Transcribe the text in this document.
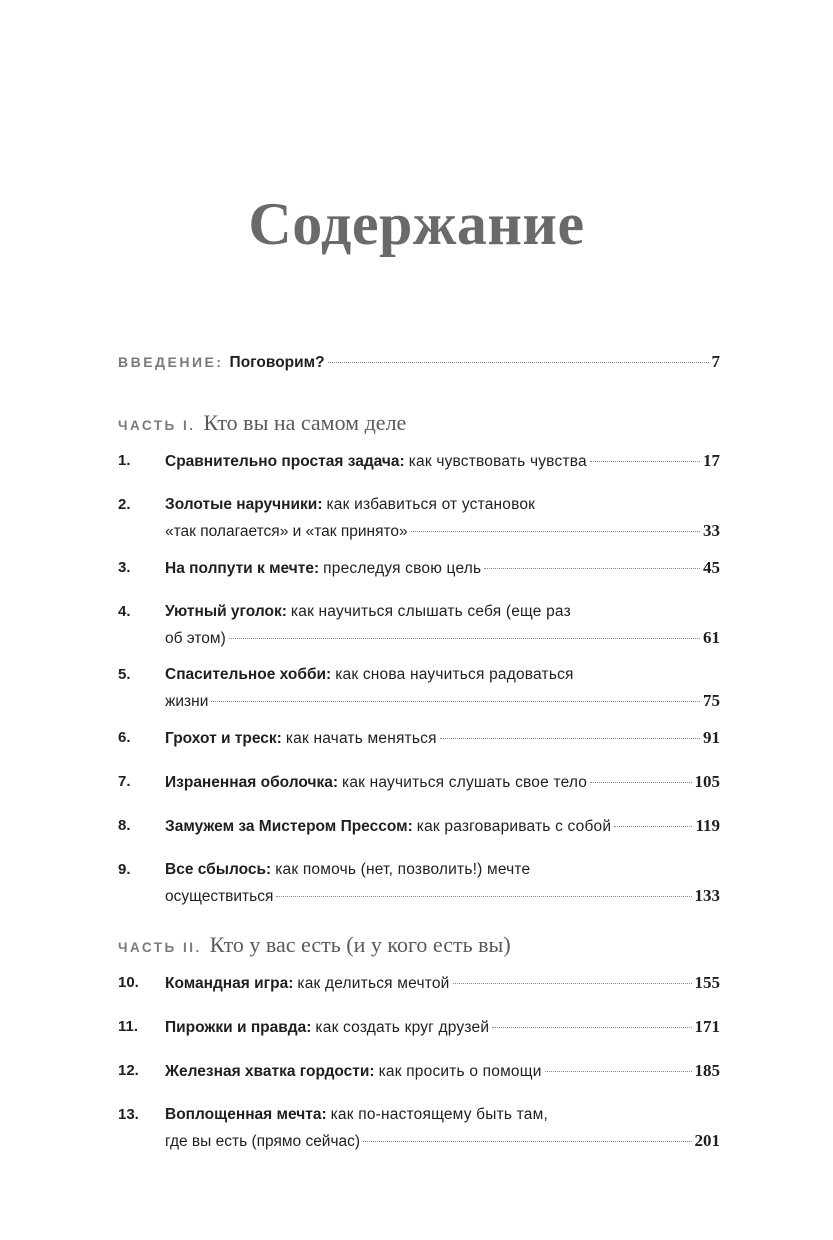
Содержание
ВВЕДЕНИЕ: Поговорим?	7
ЧАСТЬ I. Кто вы на самом деле
1.	Сравнительно простая задача: как чувствовать чувства	17
2.	Золотые наручники: как избавиться от установок
«так полагается» и «так принято»	33
3.	На полпути к мечте: преследуя свою цель	45
4.	Уютный уголок: как научиться слышать себя (еще раз
об этом)	61
5.	Спасительное хобби: как снова научиться радоваться
жизни	75
6.	Грохот и треск: как начать меняться	91
7.	Израненная оболочка: как научиться слушать свое тело	105
8.	Замужем за Мистером Прессом: как разговаривать с собой	119
9.	Все сбылось: как помочь (нет, позволить!) мечте
осуществиться	133
ЧАСТЬ II. Кто у вас есть (и у кого есть вы)
10.	Командная игра: как делиться мечтой	155
11.	Пирожки и правда: как создать круг друзей	171
12.	Железная хватка гордости: как просить о помощи	185
13.	Воплощенная мечта: как по-настоящему быть там,
где вы есть (прямо сейчас)	201
